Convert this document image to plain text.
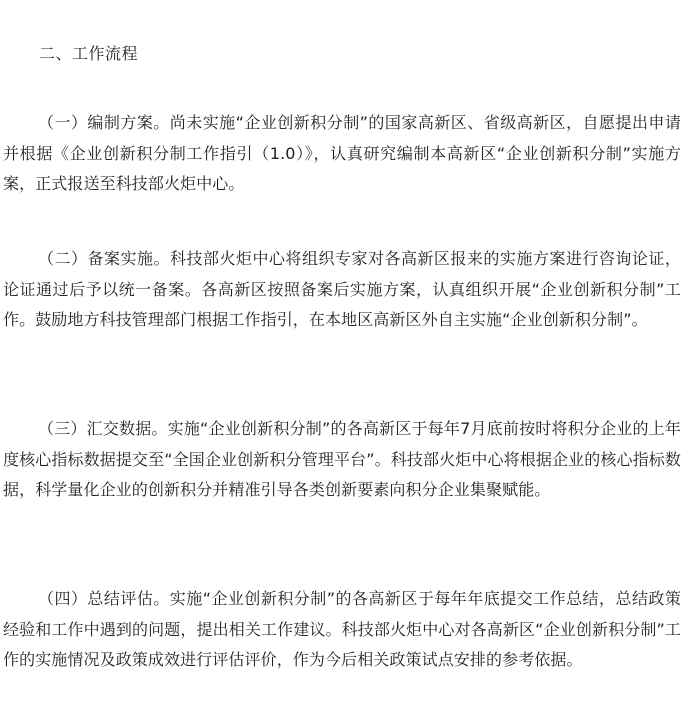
二、工作流程

（一）编制方案。尚未实施“企业创新积分制”的国家高新区、省级高新区，自愿提出申请并根据《企业创新积分制工作指引（1.0）》，认真研究编制本高新区“企业创新积分制”实施方案，正式报送至科技部火炬中心。

（二）备案实施。科技部火炬中心将组织专家对各高新区报来的实施方案进行咨询论证，论证通过后予以统一备案。各高新区按照备案后实施方案，认真组织开展“企业创新积分制”工作。鼓励地方科技管理部门根据工作指引，在本地区高新区外自主实施“企业创新积分制”。

（三）汇交数据。实施“企业创新积分制”的各高新区于每年7月底前按时将积分企业的上年度核心指标数据提交至“全国企业创新积分管理平台”。科技部火炬中心将根据企业的核心指标数据，科学量化企业的创新积分并精准引导各类创新要素向积分企业集聚赋能。

（四）总结评估。实施“企业创新积分制”的各高新区于每年年底提交工作总结，总结政策经验和工作中遇到的问题，提出相关工作建议。科技部火炬中心对各高新区“企业创新积分制”工作的实施情况及政策成效进行评估评价，作为今后相关政策试点安排的参考依据。
